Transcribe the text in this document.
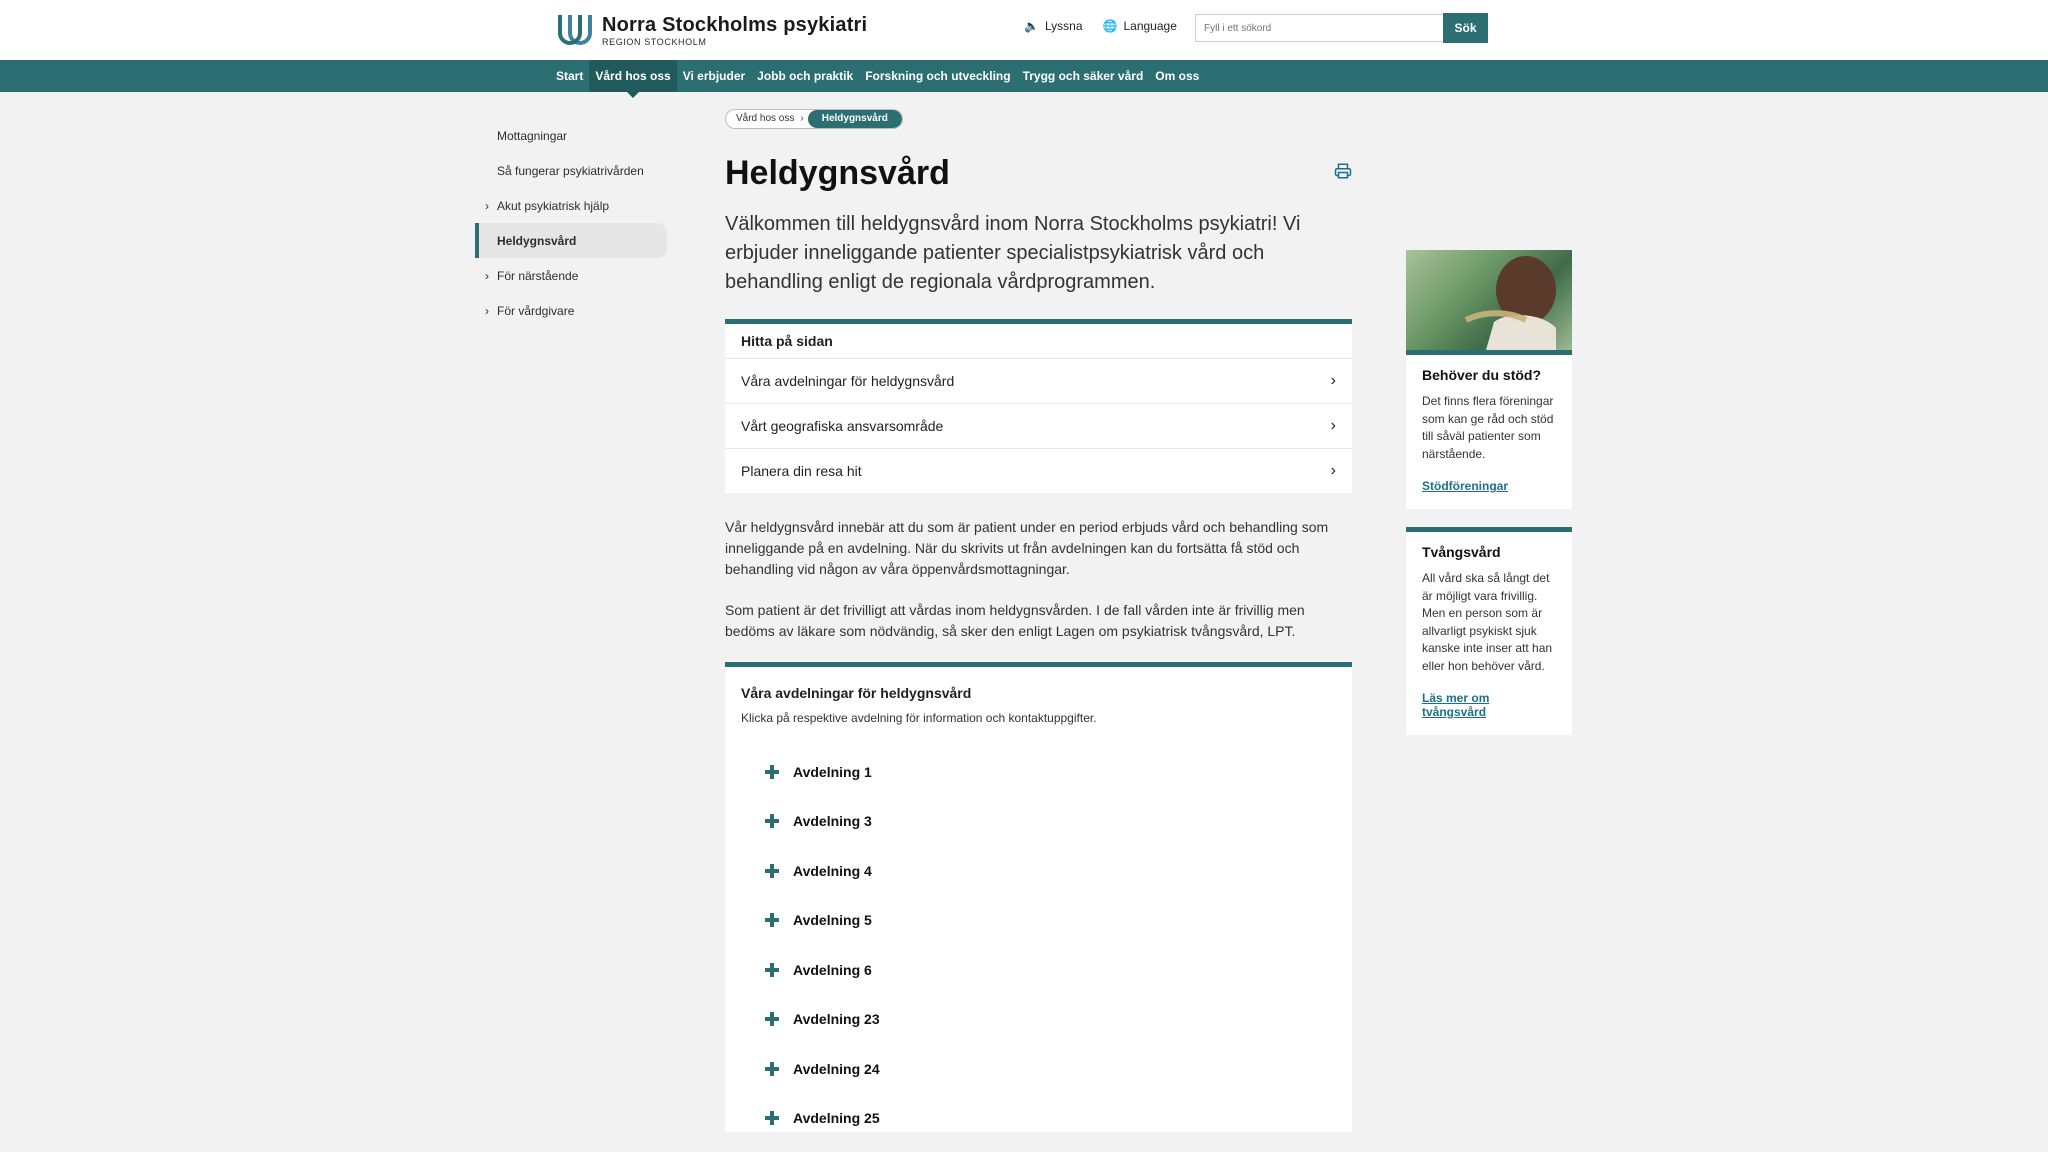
Norra Stockholms psykiatri
REGION STOCKHOLM
🔈 Lyssna 🌐 Language
Fyll i ett sökord	Sök
Start	Vård hos oss	Vi erbjuder	Jobb och praktik	Forskning och utveckling	Trygg och säker vård	Om oss
Mottagningar
Så fungerar psykiatrivården
› Akut psykiatrisk hjälp
Heldygnsvård
› För närstående
› För vårdgivare
Vård hos oss ›	Heldygnsvård
Heldygnsvård
Välkommen till heldygnsvård inom Norra Stockholms psykiatri! Vi erbjuder inneliggande patienter specialistpsykiatrisk vård och behandling enligt de regionala vårdprogrammen.
Hitta på sidan
Våra avdelningar för heldygnsvård	›
Vårt geografiska ansvarsområde	›
Planera din resa hit	›

Vår heldygnsvård innebär att du som är patient under en period erbjuds vård och behandling som inneliggande på en avdelning. När du skrivits ut från avdelningen kan du fortsätta få stöd och behandling vid någon av våra öppenvårdsmottagningar.

Som patient är det frivilligt att vårdas inom heldygnsvården. I de fall vården inte är frivillig men bedöms av läkare som nödvändig, så sker den enligt Lagen om psykiatrisk tvångsvård, LPT.

Våra avdelningar för heldygnsvård
Klicka på respektive avdelning för information och kontaktuppgifter.
Avdelning 1
Avdelning 3
Avdelning 4
Avdelning 5
Avdelning 6
Avdelning 23
Avdelning 24
Avdelning 25
Behöver du stöd?
Det finns flera föreningar som kan ge råd och stöd till såväl patienter som närstående.
Stödföreningar
Tvångsvård
All vård ska så långt det är möjligt vara frivillig. Men en person som är allvarligt psykiskt sjuk kanske inte inser att han eller hon behöver vård.
Läs mer om tvångsvård
